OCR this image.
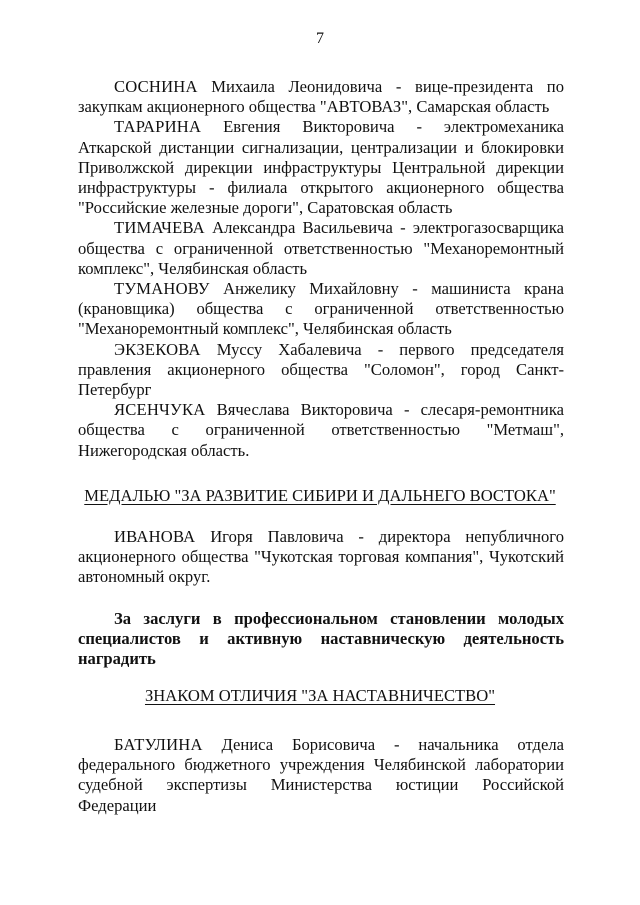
7

СОСНИНА Михаила Леонидовича - вице-президента по закупкам акционерного общества "АВТОВАЗ", Самарская область

ТАРАРИНА Евгения Викторовича - электромеханика Аткарской дистанции сигнализации, централизации и блокировки Приволжской дирекции инфраструктуры Центральной дирекции инфраструктуры - филиала открытого акционерного общества "Российские железные дороги", Саратовская область

ТИМАЧЕВА Александра Васильевича - электрогазосварщика общества с ограниченной ответственностью "Механоремонтный комплекс", Челябинская область

ТУМАНОВУ Анжелику Михайловну - машиниста крана (крановщика) общества с ограниченной ответственностью "Механоремонтный комплекс", Челябинская область

ЭКЗЕКОВА Муссу Хабалевича - первого председателя правления акционерного общества "Соломон", город Санкт-Петербург

ЯСЕНЧУКА Вячеслава Викторовича - слесаря-ремонтника общества с ограниченной ответственностью "Метмаш", Нижегородская область.

МЕДАЛЬЮ "ЗА РАЗВИТИЕ СИБИРИ И ДАЛЬНЕГО ВОСТОКА"

ИВАНОВА Игоря Павловича - директора непубличного акционерного общества "Чукотская торговая компания", Чукотский автономный округ.

За заслуги в профессиональном становлении молодых специалистов и активную наставническую деятельность наградить

ЗНАКОМ ОТЛИЧИЯ "ЗА НАСТАВНИЧЕСТВО"

БАТУЛИНА Дениса Борисовича - начальника отдела федерального бюджетного учреждения Челябинской лаборатории судебной экспертизы Министерства юстиции Российской Федерации
